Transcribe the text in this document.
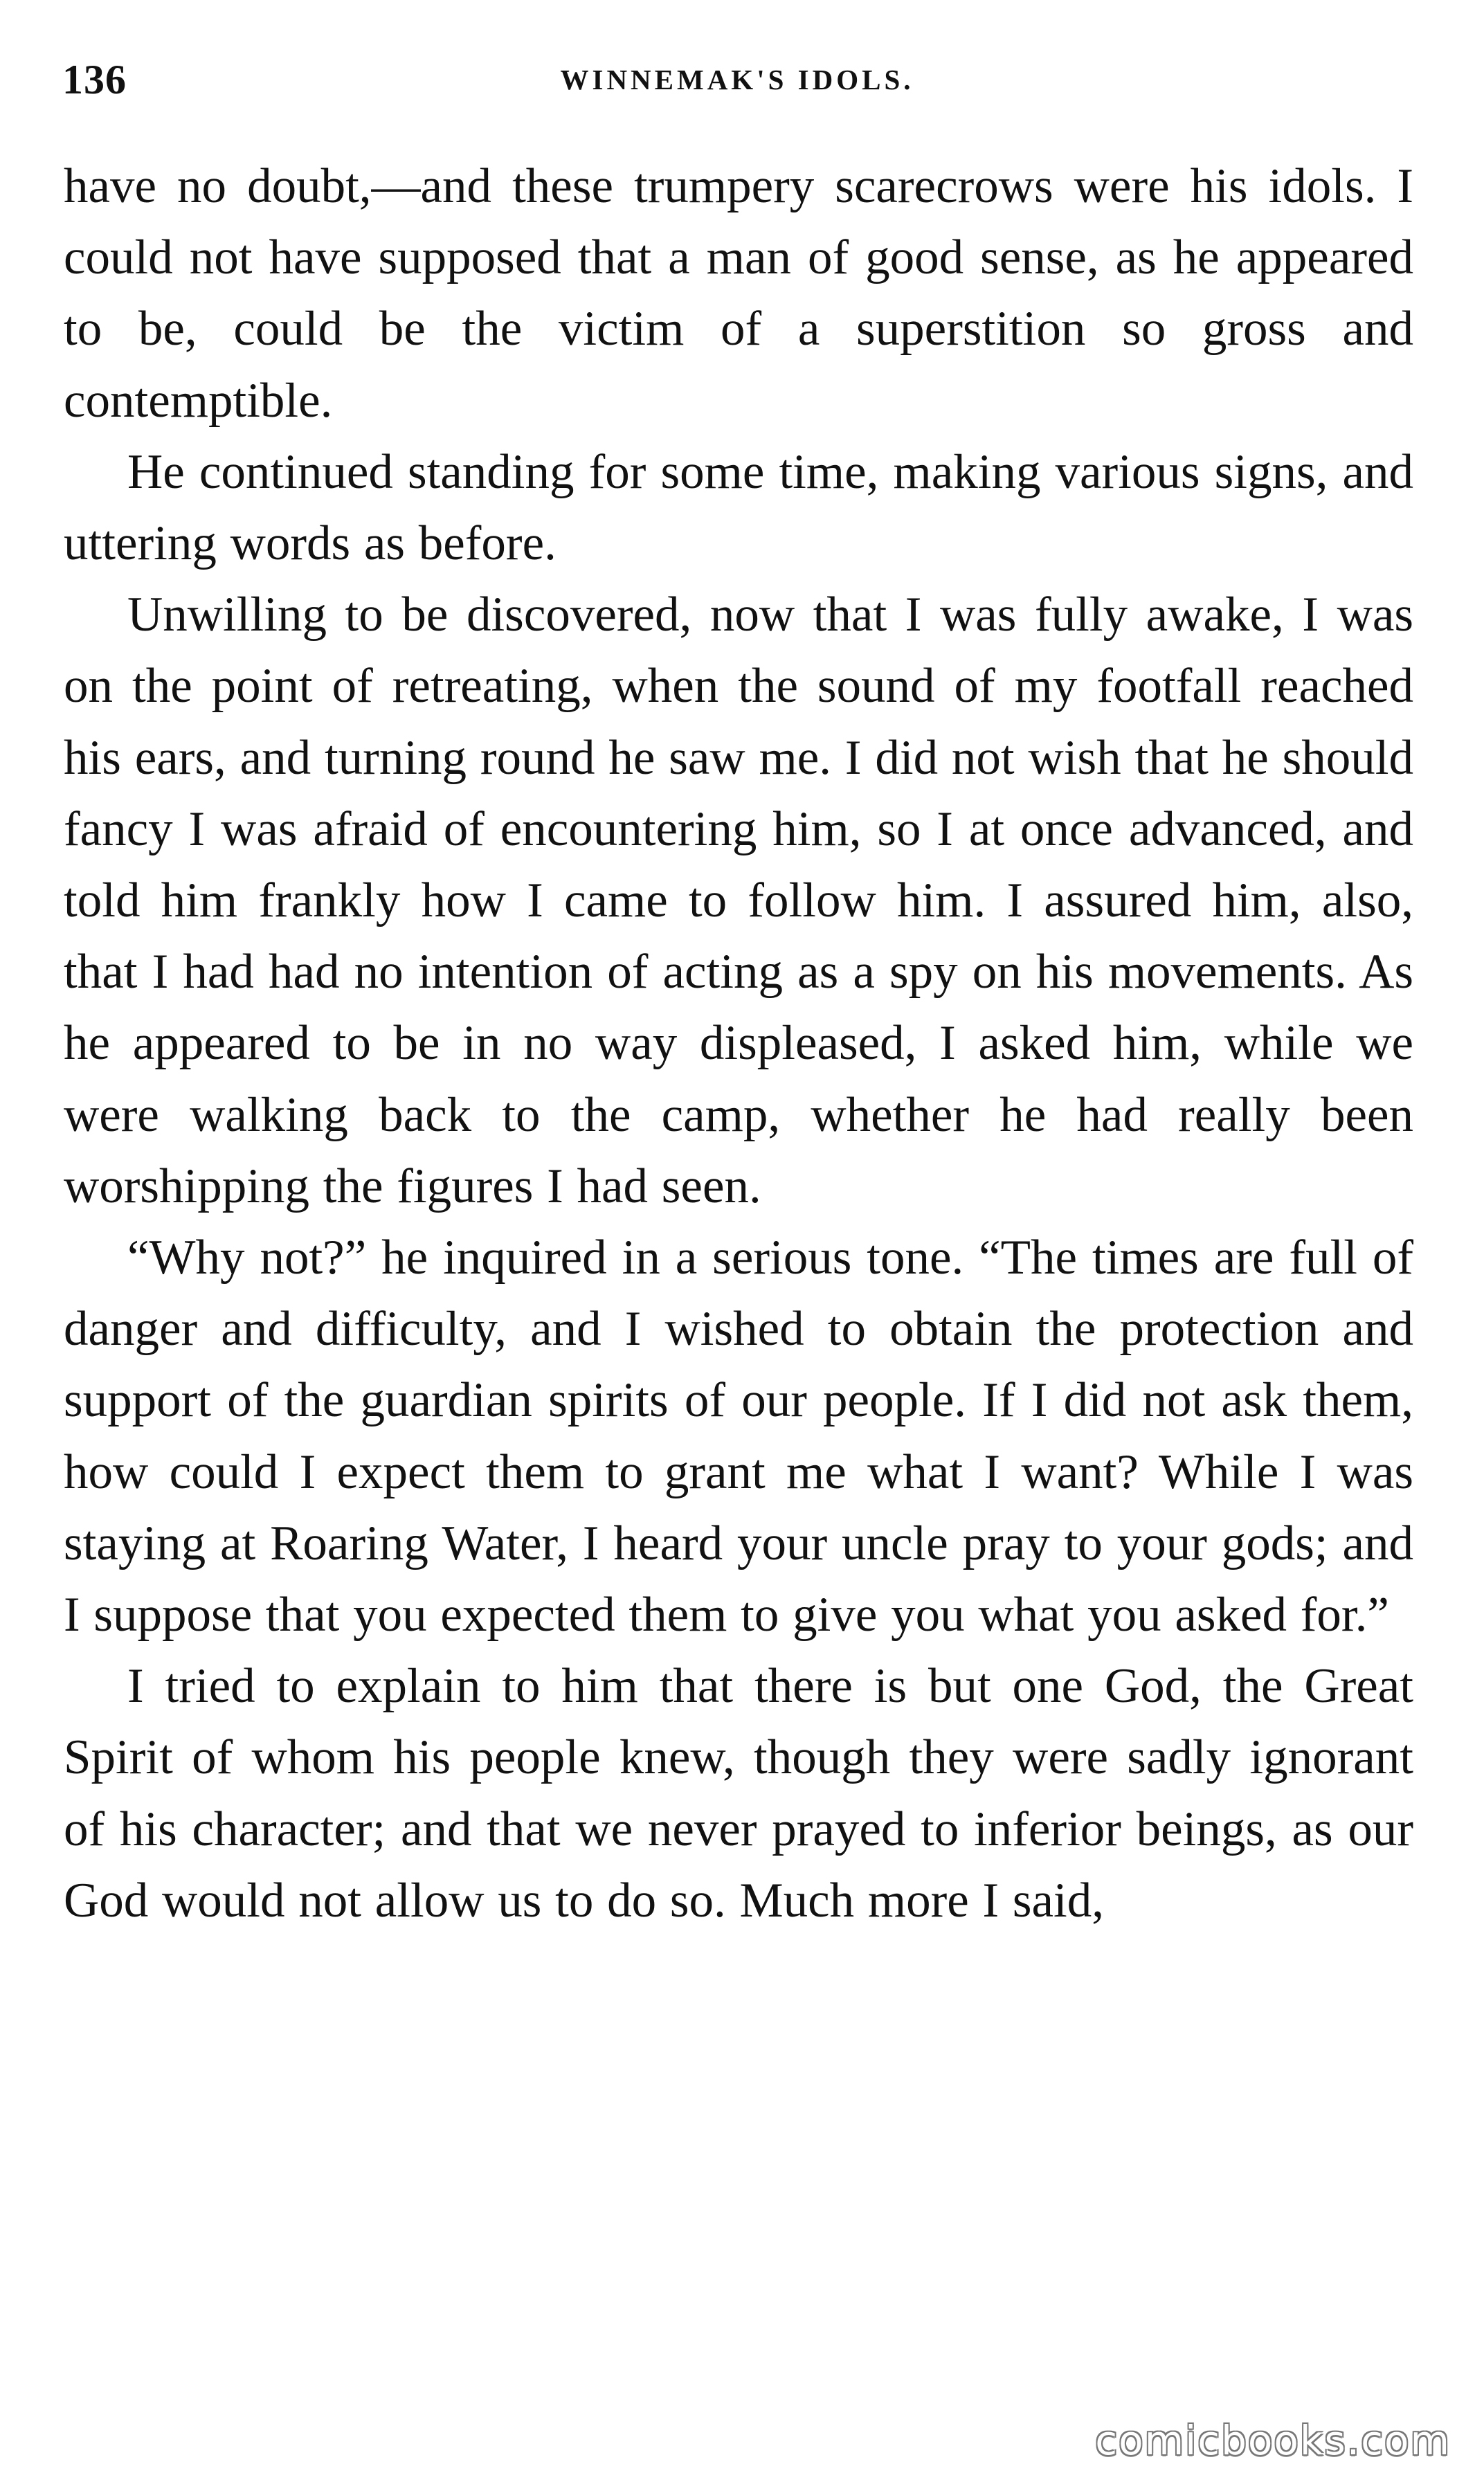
136	WINNEMAK'S IDOLS.

have no doubt,—and these trumpery scarecrows were his idols. I could not have supposed that a man of good sense, as he appeared to be, could be the victim of a superstition so gross and contemptible.

He continued standing for some time, making various signs, and uttering words as before.

Unwilling to be discovered, now that I was fully awake, I was on the point of retreating, when the sound of my footfall reached his ears, and turning round he saw me. I did not wish that he should fancy I was afraid of encountering him, so I at once advanced, and told him frankly how I came to follow him. I assured him, also, that I had had no intention of acting as a spy on his movements. As he appeared to be in no way displeased, I asked him, while we were walking back to the camp, whether he had really been worshipping the figures I had seen.

“Why not?” he inquired in a serious tone. “The times are full of danger and difficulty, and I wished to obtain the protection and support of the guardian spirits of our people. If I did not ask them, how could I expect them to grant me what I want? While I was staying at Roaring Water, I heard your uncle pray to your gods; and I suppose that you expected them to give you what you asked for.”

I tried to explain to him that there is but one God, the Great Spirit of whom his people knew, though they were sadly ignorant of his character; and that we never prayed to inferior beings, as our God would not allow us to do so. Much more I said,

comicbooks.com
